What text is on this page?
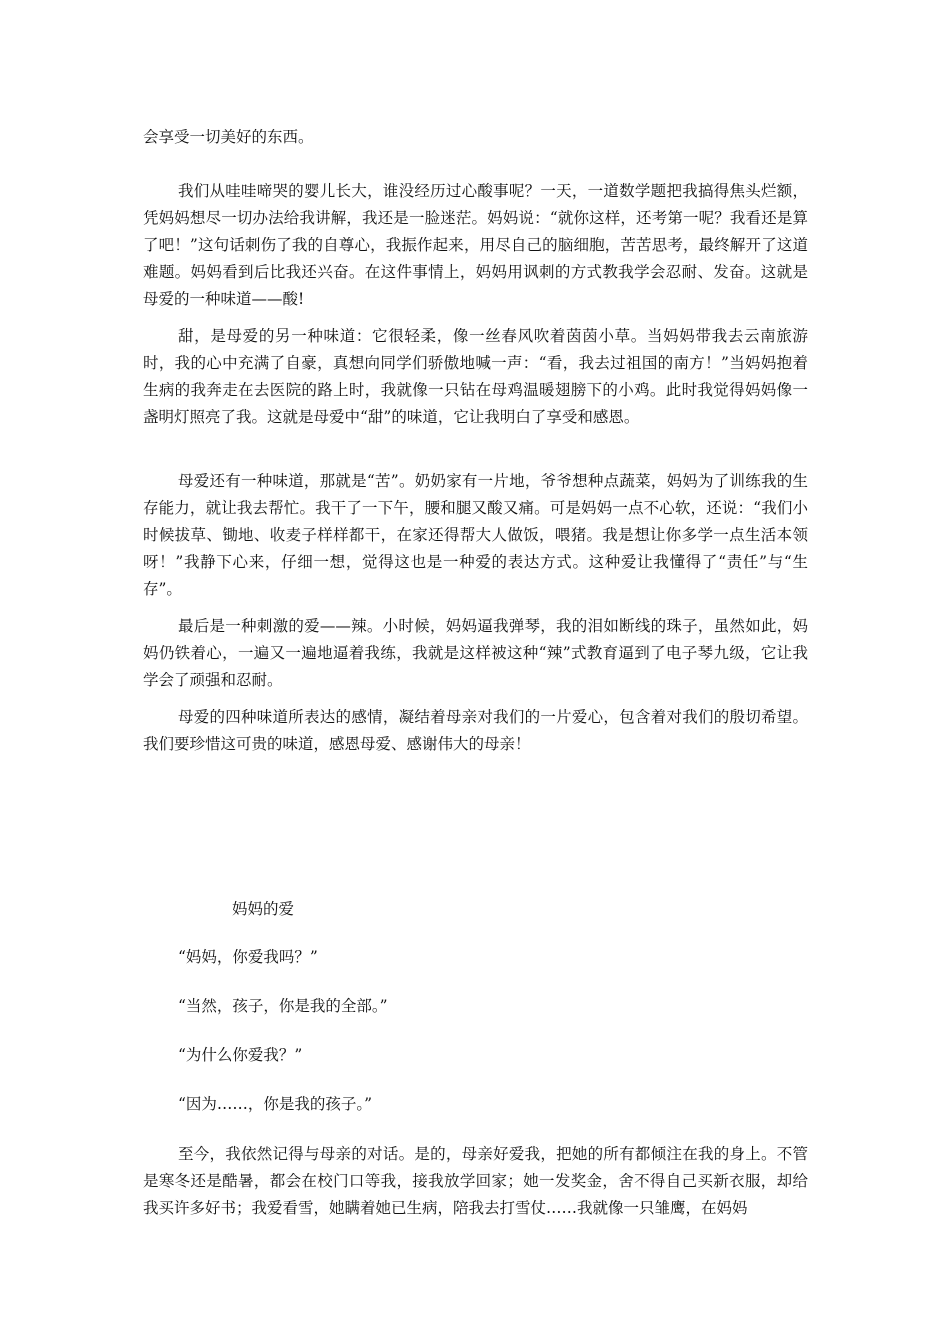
会享受一切美好的东西。

我们从哇哇啼哭的婴儿长大，谁没经历过心酸事呢？一天，一道数学题把我搞得焦头烂额，凭妈妈想尽一切办法给我讲解，我还是一脸迷茫。妈妈说：“就你这样，还考第一呢？我看还是算了吧！”这句话刺伤了我的自尊心，我振作起来，用尽自己的脑细胞，苦苦思考，最终解开了这道难题。妈妈看到后比我还兴奋。在这件事情上，妈妈用讽刺的方式教我学会忍耐、发奋。这就是母爱的一种味道——酸!

甜，是母爱的另一种味道：它很轻柔，像一丝春风吹着茵茵小草。当妈妈带我去云南旅游时，我的心中充满了自豪，真想向同学们骄傲地喊一声：“看，我去过祖国的南方！”当妈妈抱着生病的我奔走在去医院的路上时，我就像一只钻在母鸡温暖翅膀下的小鸡。此时我觉得妈妈像一盏明灯照亮了我。这就是母爱中“甜”的味道，它让我明白了享受和感恩。

母爱还有一种味道，那就是“苦”。奶奶家有一片地，爷爷想种点蔬菜，妈妈为了训练我的生存能力，就让我去帮忙。我干了一下午，腰和腿又酸又痛。可是妈妈一点不心软，还说：“我们小时候拔草、锄地、收麦子样样都干，在家还得帮大人做饭，喂猪。我是想让你多学一点生活本领呀！”我静下心来，仔细一想，觉得这也是一种爱的表达方式。这种爱让我懂得了“责任”与“生存”。

最后是一种刺激的爱——辣。小时候，妈妈逼我弹琴，我的泪如断线的珠子，虽然如此，妈妈仍铁着心，一遍又一遍地逼着我练，我就是这样被这种“辣”式教育逼到了电子琴九级，它让我学会了顽强和忍耐。

母爱的四种味道所表达的感情，凝结着母亲对我们的一片爱心，包含着对我们的殷切希望。我们要珍惜这可贵的味道，感恩母爱、感谢伟大的母亲！

妈妈的爱
“妈妈，你爱我吗？”
“当然，孩子，你是我的全部。”
“为什么你爱我？”
“因为……，你是我的孩子。”

至今，我依然记得与母亲的对话。是的，母亲好爱我，把她的所有都倾注在我的身上。不管是寒冬还是酷暑，都会在校门口等我，接我放学回家；她一发奖金，舍不得自己买新衣服，却给我买许多好书；我爱看雪，她瞒着她已生病，陪我去打雪仗……我就像一只雏鹰，在妈妈
